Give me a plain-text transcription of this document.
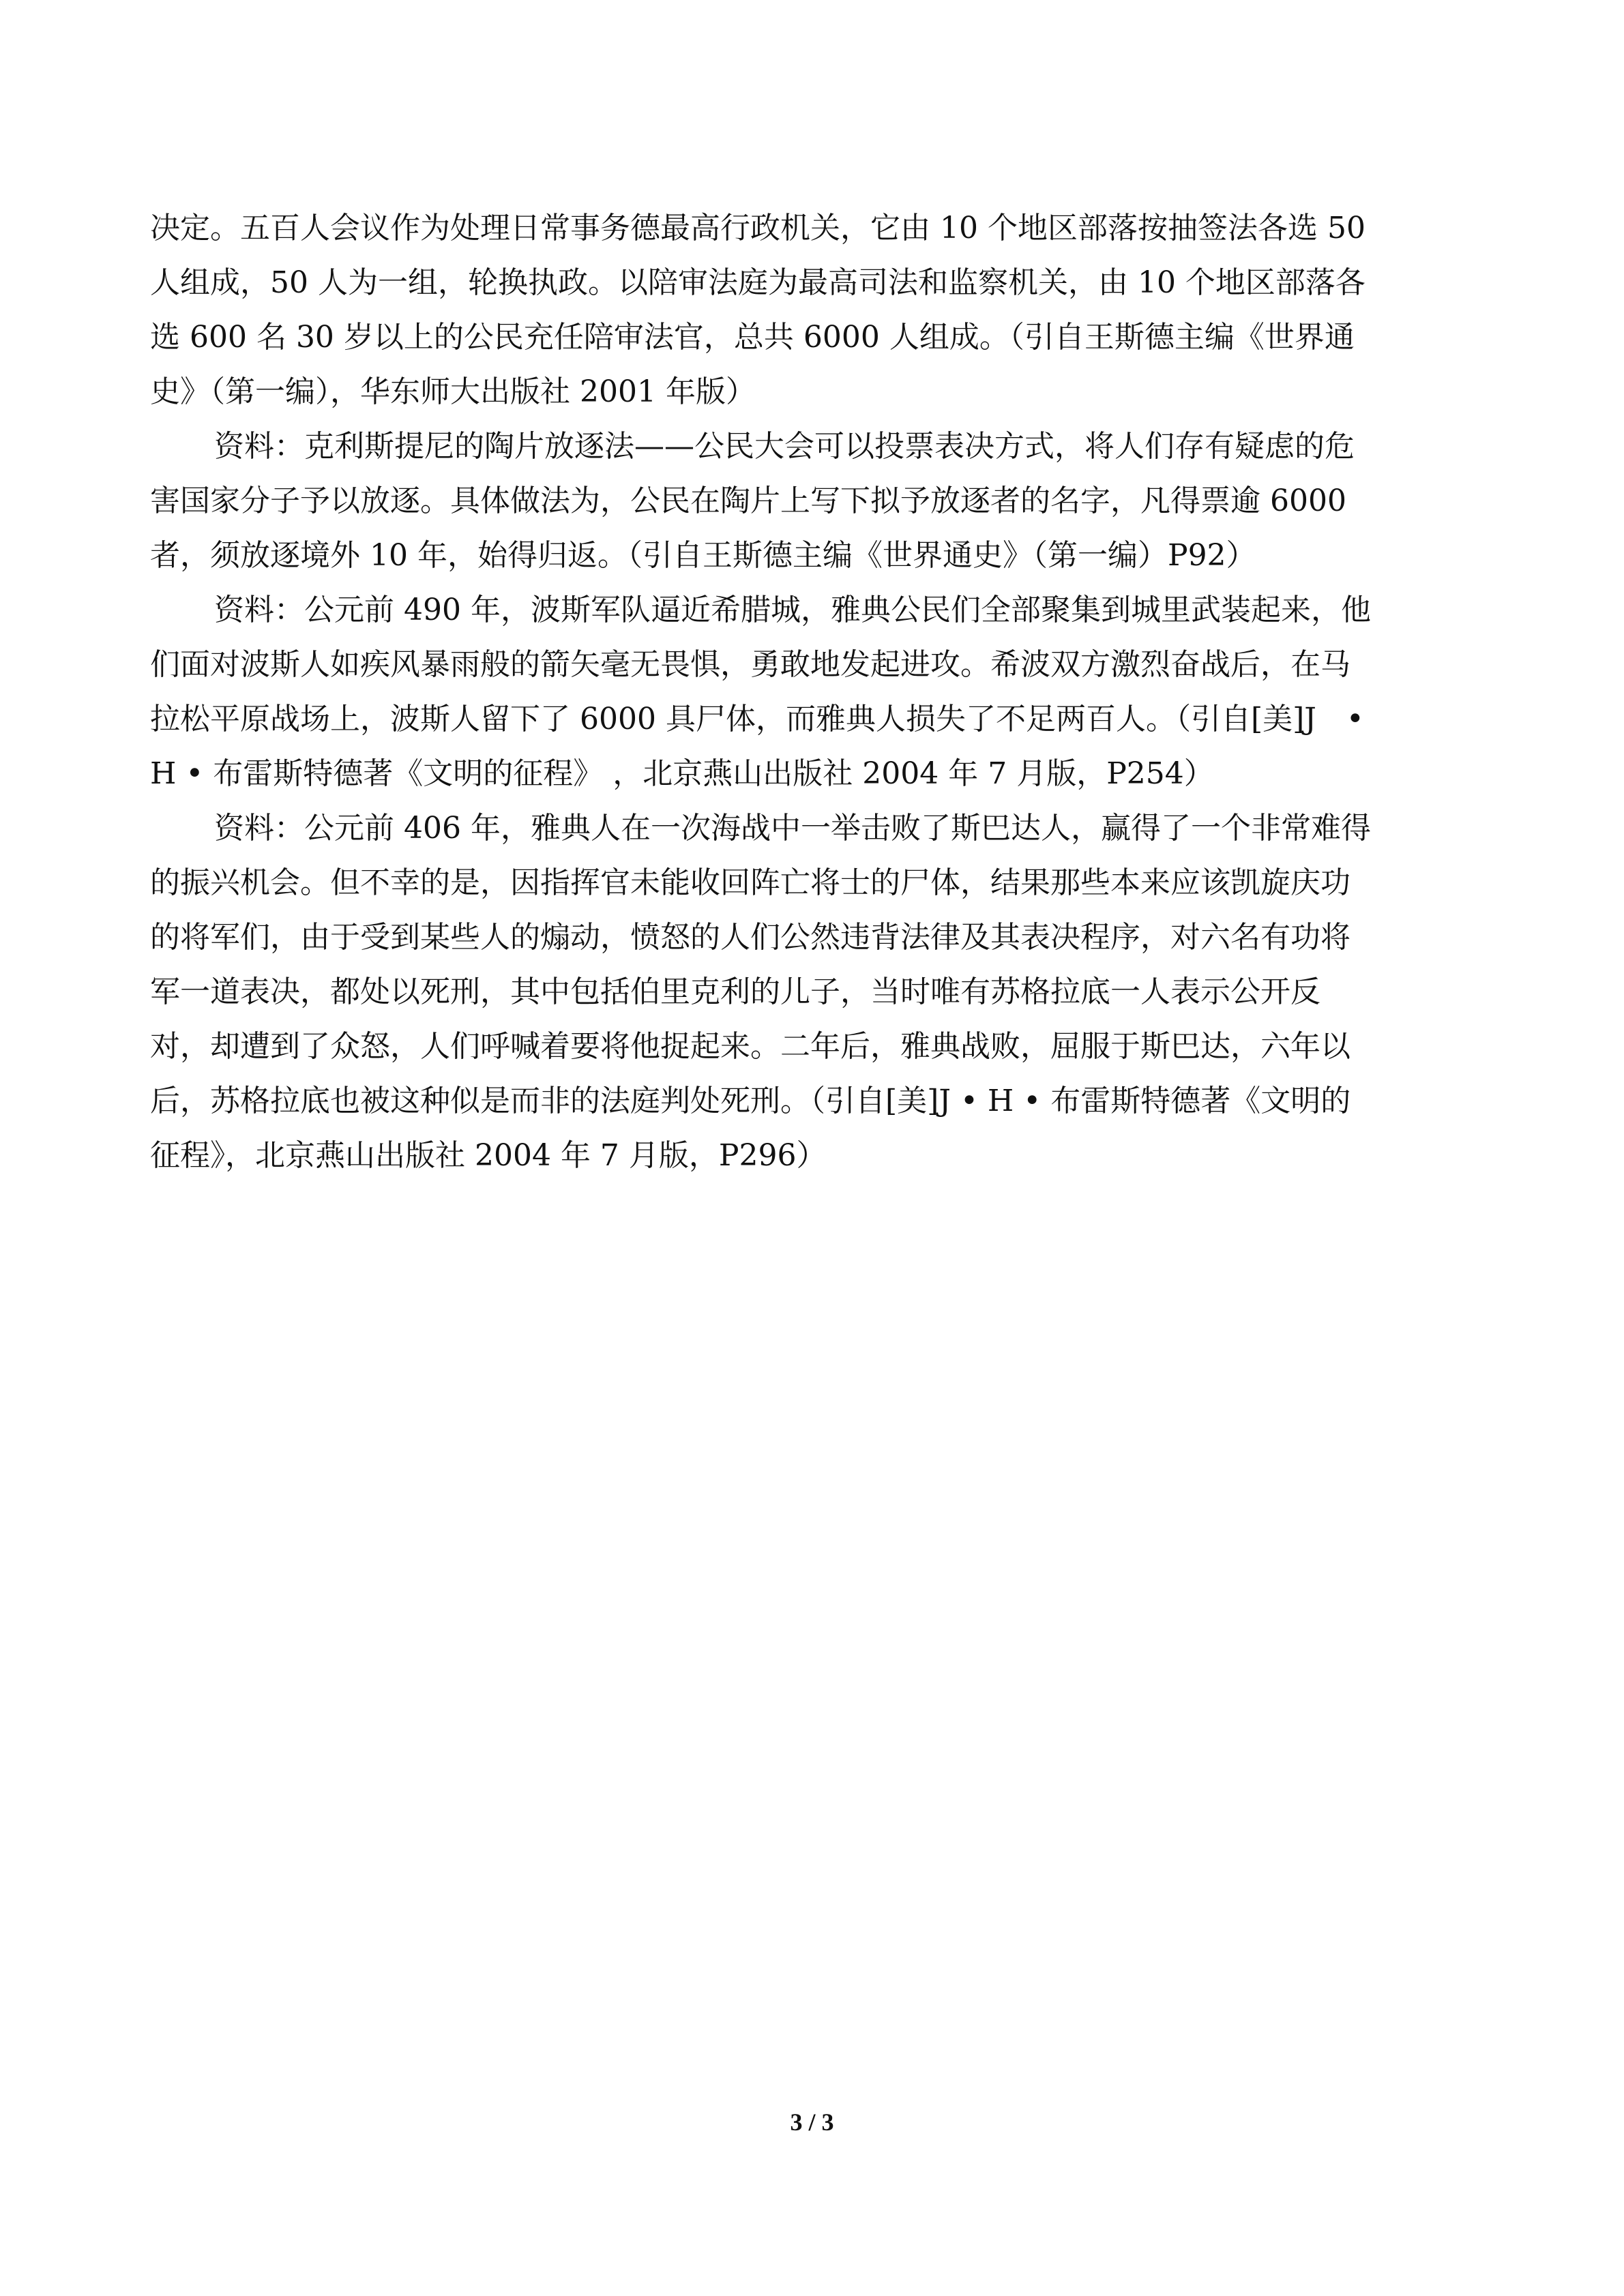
决定。五百人会议作为处理日常事务德最高行政机关，它由 10 个地区部落按抽签法各选 50
人组成，50 人为一组，轮换执政。以陪审法庭为最高司法和监察机关，由 10 个地区部落各
选 600 名 30 岁以上的公民充任陪审法官，总共 6000 人组成。（引自王斯德主编《世界通
史》（第一编），华东师大出版社 2001 年版）
资料：克利斯提尼的陶片放逐法——公民大会可以投票表决方式，将人们存有疑虑的危
害国家分子予以放逐。具体做法为，公民在陶片上写下拟予放逐者的名字，凡得票逾 6000
者，须放逐境外 10 年，始得归返。（引自王斯德主编《世界通史》（第一编）P92）
资料：公元前 490 年，波斯军队逼近希腊城，雅典公民们全部聚集到城里武装起来，他
们面对波斯人如疾风暴雨般的箭矢毫无畏惧，勇敢地发起进攻。希波双方激烈奋战后，在马
拉松平原战场上，波斯人留下了 6000 具尸体，而雅典人损失了不足两百人。（引自[美]J　•
H • 布雷斯特德著《文明的征程》 ，北京燕山出版社 2004 年 7 月版，P254）
资料：公元前 406 年，雅典人在一次海战中一举击败了斯巴达人，赢得了一个非常难得
的振兴机会。但不幸的是，因指挥官未能收回阵亡将士的尸体，结果那些本来应该凯旋庆功
的将军们，由于受到某些人的煽动，愤怒的人们公然违背法律及其表决程序，对六名有功将
军一道表决，都处以死刑，其中包括伯里克利的儿子，当时唯有苏格拉底一人表示公开反
对，却遭到了众怒，人们呼喊着要将他捉起来。二年后，雅典战败，屈服于斯巴达，六年以
后，苏格拉底也被这种似是而非的法庭判处死刑。（引自[美]J • H • 布雷斯特德著《文明的
征程》，北京燕山出版社 2004 年 7 月版，P296）
3 / 3
